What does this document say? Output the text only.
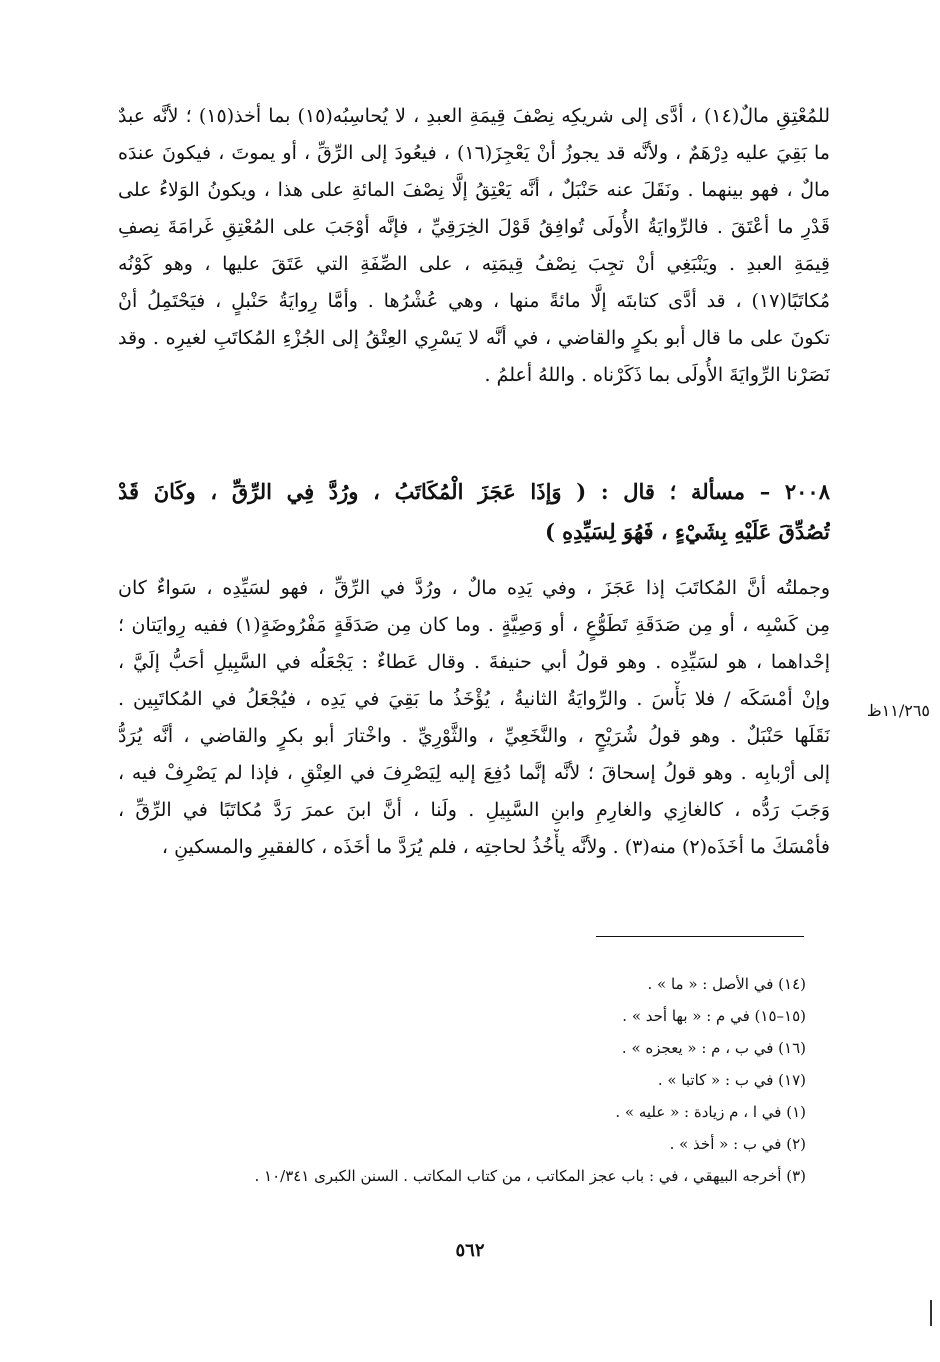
للمُعْتِقِ مالٌ(١٤) ، أدَّى إلى شريكِه نِصْفَ قِيمَةِ العبدِ ، لا يُحاسِبُه(١٥) بما أخذ(١٥) ؛ لأنَّه عبدٌ
ما بَقِيَ عليه دِرْهَمٌ ، ولأنَّه قد يجوزُ أنْ يَعْجِزَ(١٦) ، فيعُودَ إلى الرِّقِّ ، أو يموتَ ، فيكونَ عندَه
مالٌ ، فهو بينهما . ونَقَلَ عنه حَنْبَلٌ ، أنَّه يَعْتِقُ إلَّا نِصْفَ المائةِ على هذا ، ويكونُ الوَلاءُ على
قَدْرِ ما أعْتَقَ . فالرِّوايَةُ الأُولَى تُوافِقُ قَوْلَ الخِرَقِيِّ ، فإنَّه أوْجَبَ على المُعْتِقِ غَرامَةَ نِصفِ
قِيمَةِ العبدِ . ويَنْبَغِي أنْ تجِبَ نِصْفُ قِيمَتِه ، على الصِّفَةِ التي عَتَقَ عليها ، وهو كَوْنُه
مُكاتَبًا(١٧) ، قد أدَّى كتابتَه إلَّا مائةً منها ، وهي عُشْرُها . وأمَّا رِوايَةُ حَنْبلٍ ، فيَحْتَمِلُ أنْ
تكونَ على ما قال أبو بكرٍ والقاضي ، في أنَّه لا يَسْرِي العِتْقُ إلى الجُزْءِ المُكاتَبِ لغيرِه . وقد
نَصَرْنا الرِّوايَةَ الأُولَى بما ذَكَرْناه . واللهُ أعلمُ .
٢٠٠٨ – مسألة ؛ قال : ( وَإذَا عَجَزَ الْمُكَاتَبُ ، ورُدَّ فِي الرِّقِّ ، وكَانَ قَدْ
تُصُدِّقَ عَلَيْهِ بِشَيْءٍ ، فَهُوَ لِسَيِّدِهِ )
وجملتُه أنَّ المُكاتَبَ إذا عَجَزَ ، وفي يَدِه مالٌ ، ورُدَّ في الرِّقِّ ، فهو لسَيِّدِه ، سَواءٌ كان
مِن كَسْبِه ، أو مِن صَدَقَةِ تَطَوُّعٍ ، أو وَصِيَّةٍ . وما كان مِن صَدَقَةٍ مَفْرُوضَةٍ(١) ففيه رِوايَتان ؛
إحْداهما ، هو لسَيِّدِه . وهو قولُ أبي حنيفةَ . وقال عَطاءٌ : يَجْعَلُه في السَّبِيلِ أحَبُّ إلَيَّ ،
وإنْ أمْسَكَه / فلا بَأْسَ . والرِّوايَةُ الثانيةُ ، يُؤْخَذُ ما بَقِيَ في يَدِه ، فيُجْعَلُ في المُكاتَبِين .
نَقَلَها حَنْبَلٌ . وهو قولُ شُرَيْحٍ ، والنَّخَعِيِّ ، والثَّوْرِيِّ . واخْتارَ أبو بكرٍ والقاضي ، أنَّه يُرَدُّ
إلى أرْبابِه . وهو قولُ إسحاقَ ؛ لأنَّه إنَّما دُفِعَ إليه لِيَصْرِفَ في العِتْقِ ، فإذا لم يَصْرِفْ فيه ،
وَجَبَ رَدُّه ، كالغازِي والغارِمِ وابنِ السَّبِيلِ . ولَنا ، أنَّ ابنَ عمرَ رَدَّ مُكاتَبًا في الرِّقِّ ،
فأمْسَكَ ما أخَذَه(٢) منه(٣) . ولأنَّه يأْخُذُ لحاجتِه ، فلم يُرَدَّ ما أخَذَه ، كالفقيرِ والمسكينِ ،
١١/٢٦٥ظ
(١٤) في الأصل : « ما » .
(١٥–١٥) في م : « بها أحد » .
(١٦) في ب ، م : « يعجزه » .
(١٧) في ب : « كاتبا » .
(١) في ا ، م زيادة : « عليه » .
(٢) في ب : « أخذ » .
(٣) أخرجه البيهقي ، في : باب عجز المكاتب ، من كتاب المكاتب . السنن الكبرى ١٠/٣٤١ .
٥٦٢
